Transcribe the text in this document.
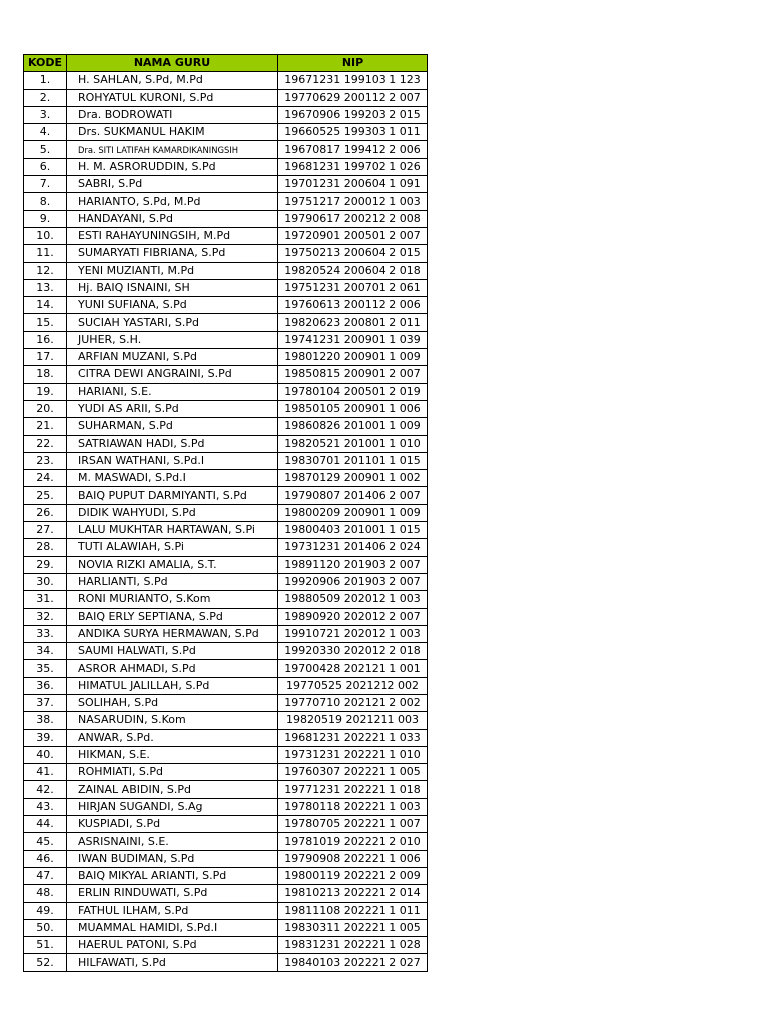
KODE	NAMA GURU	NIP
1.	H. SAHLAN, S.Pd, M.Pd	19671231 199103 1 123
2.	ROHYATUL KURONI, S.Pd	19770629 200112 2 007
3.	Dra. BODROWATI	19670906 199203 2 015
4.	Drs. SUKMANUL HAKIM	19660525 199303 1 011
5.	Dra. SITI LATIFAH KAMARDIKANINGSIH	19670817 199412 2 006
6.	H. M. ASRORUDDIN, S.Pd	19681231 199702 1 026
7.	SABRI, S.Pd	19701231 200604 1 091
8.	HARIANTO, S.Pd, M.Pd	19751217 200012 1 003
9.	HANDAYANI, S.Pd	19790617 200212 2 008
10.	ESTI RAHAYUNINGSIH, M.Pd	19720901 200501 2 007
11.	SUMARYATI FIBRIANA, S.Pd	19750213 200604 2 015
12.	YENI MUZIANTI, M.Pd	19820524 200604 2 018
13.	Hj. BAIQ ISNAINI, SH	19751231 200701 2 061
14.	YUNI SUFIANA, S.Pd	19760613 200112 2 006
15.	SUCIAH YASTARI, S.Pd	19820623 200801 2 011
16.	JUHER, S.H.	19741231 200901 1 039
17.	ARFIAN MUZANI, S.Pd	19801220 200901 1 009
18.	CITRA DEWI ANGRAINI, S.Pd	19850815 200901 2 007
19.	HARIANI, S.E.	19780104 200501 2 019
20.	YUDI AS ARII, S.Pd	19850105 200901 1 006
21.	SUHARMAN, S.Pd	19860826 201001 1 009
22.	SATRIAWAN HADI, S.Pd	19820521 201001 1 010
23.	IRSAN WATHANI, S.Pd.I	19830701 201101 1 015
24.	M. MASWADI, S.Pd.I	19870129 200901 1 002
25.	BAIQ PUPUT DARMIYANTI, S.Pd	19790807 201406 2 007
26.	DIDIK WAHYUDI, S.Pd	19800209 200901 1 009
27.	LALU MUKHTAR HARTAWAN, S.Pi	19800403 201001 1 015
28.	TUTI ALAWIAH, S.Pi	19731231 201406 2 024
29.	NOVIA RIZKI AMALIA, S.T.	19891120 201903 2 007
30.	HARLIANTI, S.Pd	19920906 201903 2 007
31.	RONI MURIANTO, S.Kom	19880509 202012 1 003
32.	BAIQ ERLY SEPTIANA, S.Pd	19890920 202012 2 007
33.	ANDIKA SURYA HERMAWAN, S.Pd	19910721 202012 1 003
34.	SAUMI HALWATI, S.Pd	19920330 202012 2 018
35.	ASROR AHMADI, S.Pd	19700428 202121 1 001
36.	HIMATUL JALILLAH, S.Pd	19770525 2021212 002
37.	SOLIHAH, S.Pd	19770710 202121 2 002
38.	NASARUDIN, S.Kom	19820519 2021211 003
39.	ANWAR, S.Pd.	19681231 202221 1 033
40.	HIKMAN, S.E.	19731231 202221 1 010
41.	ROHMIATI, S.Pd	19760307 202221 1 005
42.	ZAINAL ABIDIN, S.Pd	19771231 202221 1 018
43.	HIRJAN SUGANDI, S.Ag	19780118 202221 1 003
44.	KUSPIADI, S.Pd	19780705 202221 1 007
45.	ASRISNAINI, S.E.	19781019 202221 2 010
46.	IWAN BUDIMAN, S.Pd	19790908 202221 1 006
47.	BAIQ MIKYAL ARIANTI, S.Pd	19800119 202221 2 009
48.	ERLIN RINDUWATI, S.Pd	19810213 202221 2 014
49.	FATHUL ILHAM, S.Pd	19811108 202221 1 011
50.	MUAMMAL HAMIDI, S.Pd.I	19830311 202221 1 005
51.	HAERUL PATONI, S.Pd	19831231 202221 1 028
52.	HILFAWATI, S.Pd	19840103 202221 2 027
